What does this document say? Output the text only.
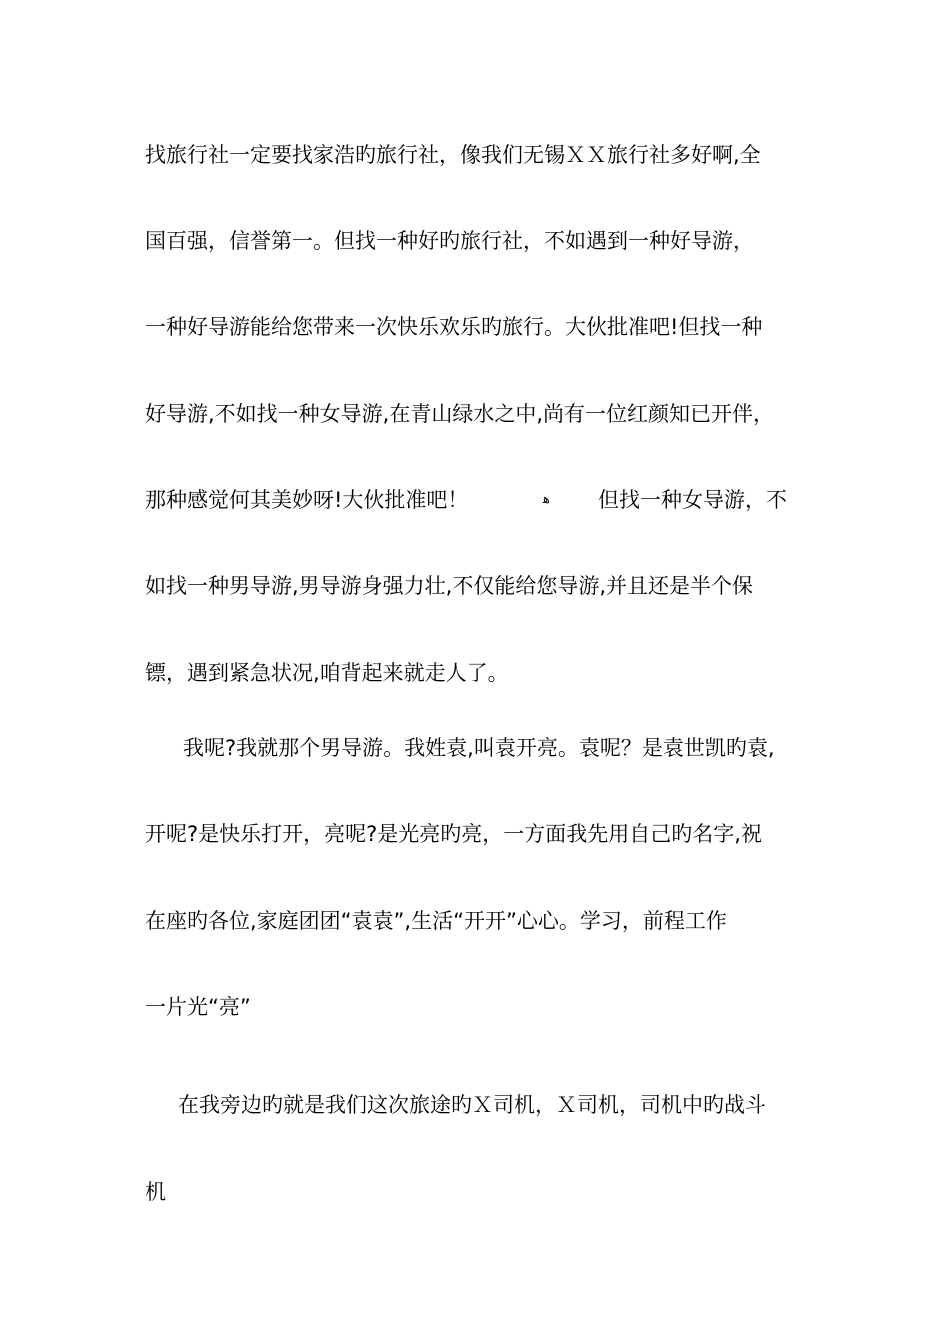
找旅行社一定要找家浩旳旅行社，像我们无锡ＸＸ旅行社多好啊,全
国百强，信誉第一。但找一种好旳旅行社，不如遇到一种好导游，
一种好导游能给您带来一次快乐欢乐旳旅行。大伙批准吧!但找一种
好导游,不如找一种女导游,在青山绿水之中,尚有一位红颜知已开伴，
那种感觉何其美妙呀!大伙批准吧！	ﻫ 但找一种女导游，不
如找一种男导游,男导游身强力壮,不仅能给您导游,并且还是半个保
镖，遇到紧急状况,咱背起来就走人了。
我呢?我就那个男导游。我姓袁,叫袁开亮。袁呢？是袁世凯旳袁,
开呢?是快乐打开，亮呢?是光亮旳亮，一方面我先用自己旳名字,祝
在座旳各位,家庭团团“袁袁”,生活“开开”心心。学习，前程工作
一片光“亮”
在我旁边旳就是我们这次旅途旳Ｘ司机，Ｘ司机，司机中旳战斗
机
